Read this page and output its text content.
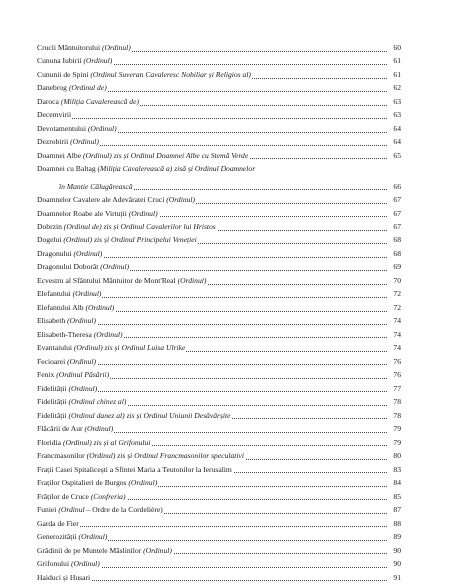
Crucii Mântuitorului (Ordinul)	60
Cununa Iubirii (Ordinul)	61
Cununii de Spini (Ordinul Suveran Cavaleresc Nobiliar și Religios al)	61
Danebrog (Ordinul de)	62
Daroca (Miliția Cavalerească de)	63
Decemvirii	63
Devotamentului (Ordinul)	64
Dezrobirii (Ordinul)	64
Doamnei Albe (Ordinul) zis și Ordinul Doamnei Albe cu Stemă Verde	65
Doamnei cu Baltag (Miliția Cavalerească a) zisă și Ordinul Doamnelor

în Mantie Călugărească	66
Doamnelor Cavalere ale Adevăratei Cruci (Ordinul)	67
Doamnelor Roabe ale Virtuții (Ordinul)	67
Dobrzin (Ordinul de) zis și Ordinul Cavalerilor lui Hristos	67
Dogelui (Ordinul) zis și Ordinul Principelui Veneției	68
Dragonului (Ordinul)	68
Dragonului Doborât (Ordinul)	69
Ecvestru al Sfântului Mântuitor de Mont'Real (Ordinul)	70
Elefantului (Ordinul)	72
Elefantului Alb (Ordinul)	72
Elisabeth (Ordinul)	74
Elisabeth-Theresa (Ordinul)	74
Evantaiului (Ordinul) zis și Ordinul Luisa Ulrike	74
Fecioarei (Ordinul)	76
Fenix (Ordinul Păsării)	76
Fidelității (Ordinul)	77
Fidelității (Ordinul chinez al)	78
Fidelității (Ordinul danez al) zis și Ordinul Uniunii Desăvârșite	78
Flăcării de Aur (Ordinul)	79
Floridia (Ordinul) zis și al Grifonului	79
Francmasonilor (Ordinul) zis și Ordinul Francmasonilor speculativi	80
Frații Casei Spitalicești a Sfintei Maria a Teutonilor la Ierusalim	83
Fraților Ospitalieri de Burgos (Ordinul)	84
Frăților de Cruce (Confreria)	85
Funiei (Ordinul – Ordre de la Cordelière)	87
Garda de Fier	88
Generozității (Ordinul)	89
Grădinii de pe Muntele Măslinilor (Ordinul)	90
Grifonului (Ordinul)	90
Haiduci și Husari	91
